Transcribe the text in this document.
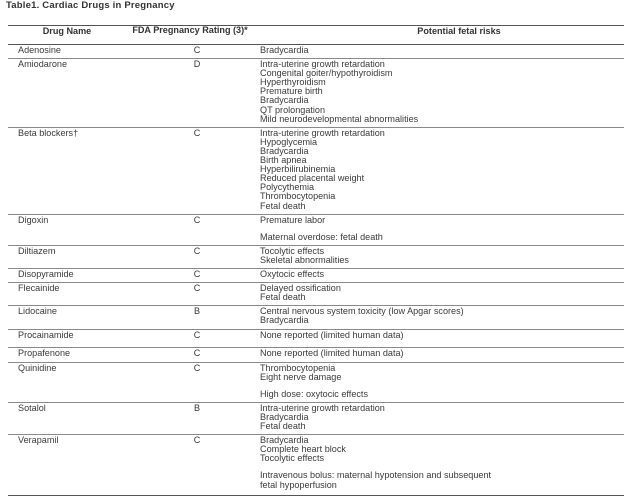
Table1. Cardiac Drugs in Pregnancy
Drug Name	FDA Pregnancy Rating (3)*	Potential fetal risks
Adenosine	C	Bradycardia
Amiodarone	D	Intra-uterine growth retardation
Congenital goiter/hypothyroidism
Hyperthyroidism
Premature birth
Bradycardia
QT prolongation
Mild neurodevelopmental abnormalities
Beta blockers†	C	Intra-uterine growth retardation
Hypoglycemia
Bradycardia
Birth apnea
Hyperbilirubinemia
Reduced placental weight
Polycythemia
Thrombocytopenia
Fetal death
Digoxin	C	Premature labor
Maternal overdose: fetal death
Diltiazem	C	Tocolytic effects
Skeletal abnormalities
Disopyramide	C	Oxytocic effects
Flecainide	C	Delayed ossification
Fetal death
Lidocaine	B	Central nervous system toxicity (low Apgar scores)
Bradycardia
Procainamide	C	None reported (limited human data)
Propafenone	C	None reported (limited human data)
Quinidine	C	Thrombocytopenia
Eight nerve damage
High dose: oxytocic effects
Sotalol	B	Intra-uterine growth retardation
Bradycardia
Fetal death
Verapamil	C	Bradycardia
Complete heart block
Tocolytic effects
Intravenous bolus: maternal hypotension and subsequent
fetal hypoperfusion
